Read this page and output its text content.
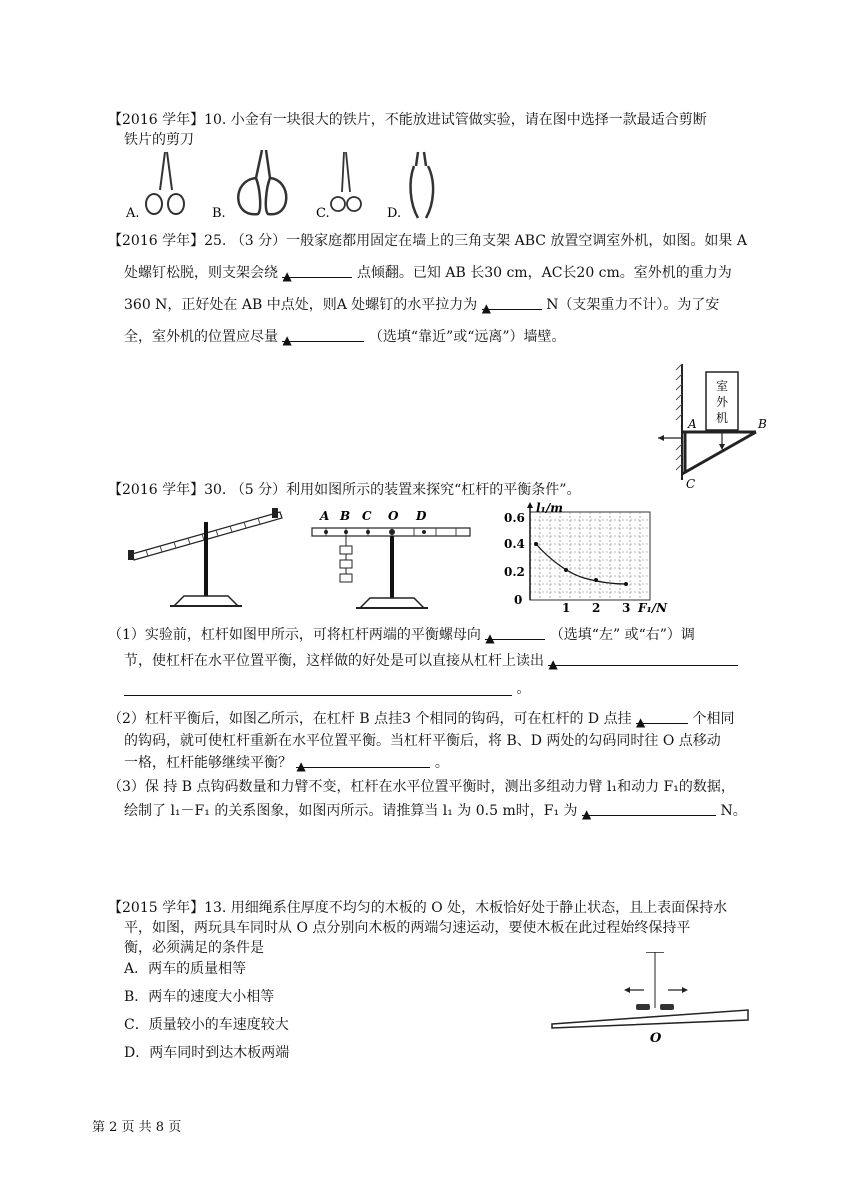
【2016 学年】10. 小金有一块很大的铁片，不能放进试管做实验，请在图中选择一款最适合剪断
铁片的剪刀
A.	B.	C.	D.
【2016 学年】25. （3 分）一般家庭都用固定在墙上的三角支架 ABC 放置空调室外机，如图。如果 A
处螺钉松脱，则支架会绕 ▲	点倾翻。已知 AB 长30 cm，AC长20 cm。室外机的重力为
360 N，正好处在 AB 中点处，则A 处螺钉的水平拉力为 ▲	N（支架重力不计）。为了安
全，室外机的位置应尽量 ▲	（选填“靠近”或“远离”）墙壁。
室
外
机
A	B
C
【2016 学年】30. （5 分）利用如图所示的装置来探究“杠杆的平衡条件”。
A B C O D
l₁/m
0.6
0.4
0.2
0
1 2 3 F₁/N
（1）实验前，杠杆如图甲所示，可将杠杆两端的平衡螺母向 ▲	（选填“左” 或“右”）调
节，使杠杆在水平位置平衡，这样做的好处是可以直接从杠杆上读出 ▲
。
（2）杠杆平衡后，如图乙所示，在杠杆 B 点挂3 个相同的钩码，可在杠杆的 D 点挂 ▲	个相同
的钩码，就可使杠杆重新在水平位置平衡。当杠杆平衡后，将 B、D 两处的勾码同时往 O 点移动
一格，杠杆能够继续平衡？ ▲	。
（3）保 持 B 点钩码数量和力臂不变，杠杆在水平位置平衡时，测出多组动力臂 l₁和动力 F₁的数据，
绘制了 l₁－F₁ 的关系图象，如图丙所示。请推算当 l₁ 为 0.5 m时，F₁ 为 ▲	N。
【2015 学年】13. 用细绳系住厚度不均匀的木板的 O 处，木板恰好处于静止状态，且上表面保持水
平，如图，两玩具车同时从 O 点分别向木板的两端匀速运动，要使木板在此过程始终保持平
衡，必须满足的条件是
A．两车的质量相等
B．两车的速度大小相等
C．质量较小的车速度较大
D．两车同时到达木板两端
O
第 2 页 共 8 页
